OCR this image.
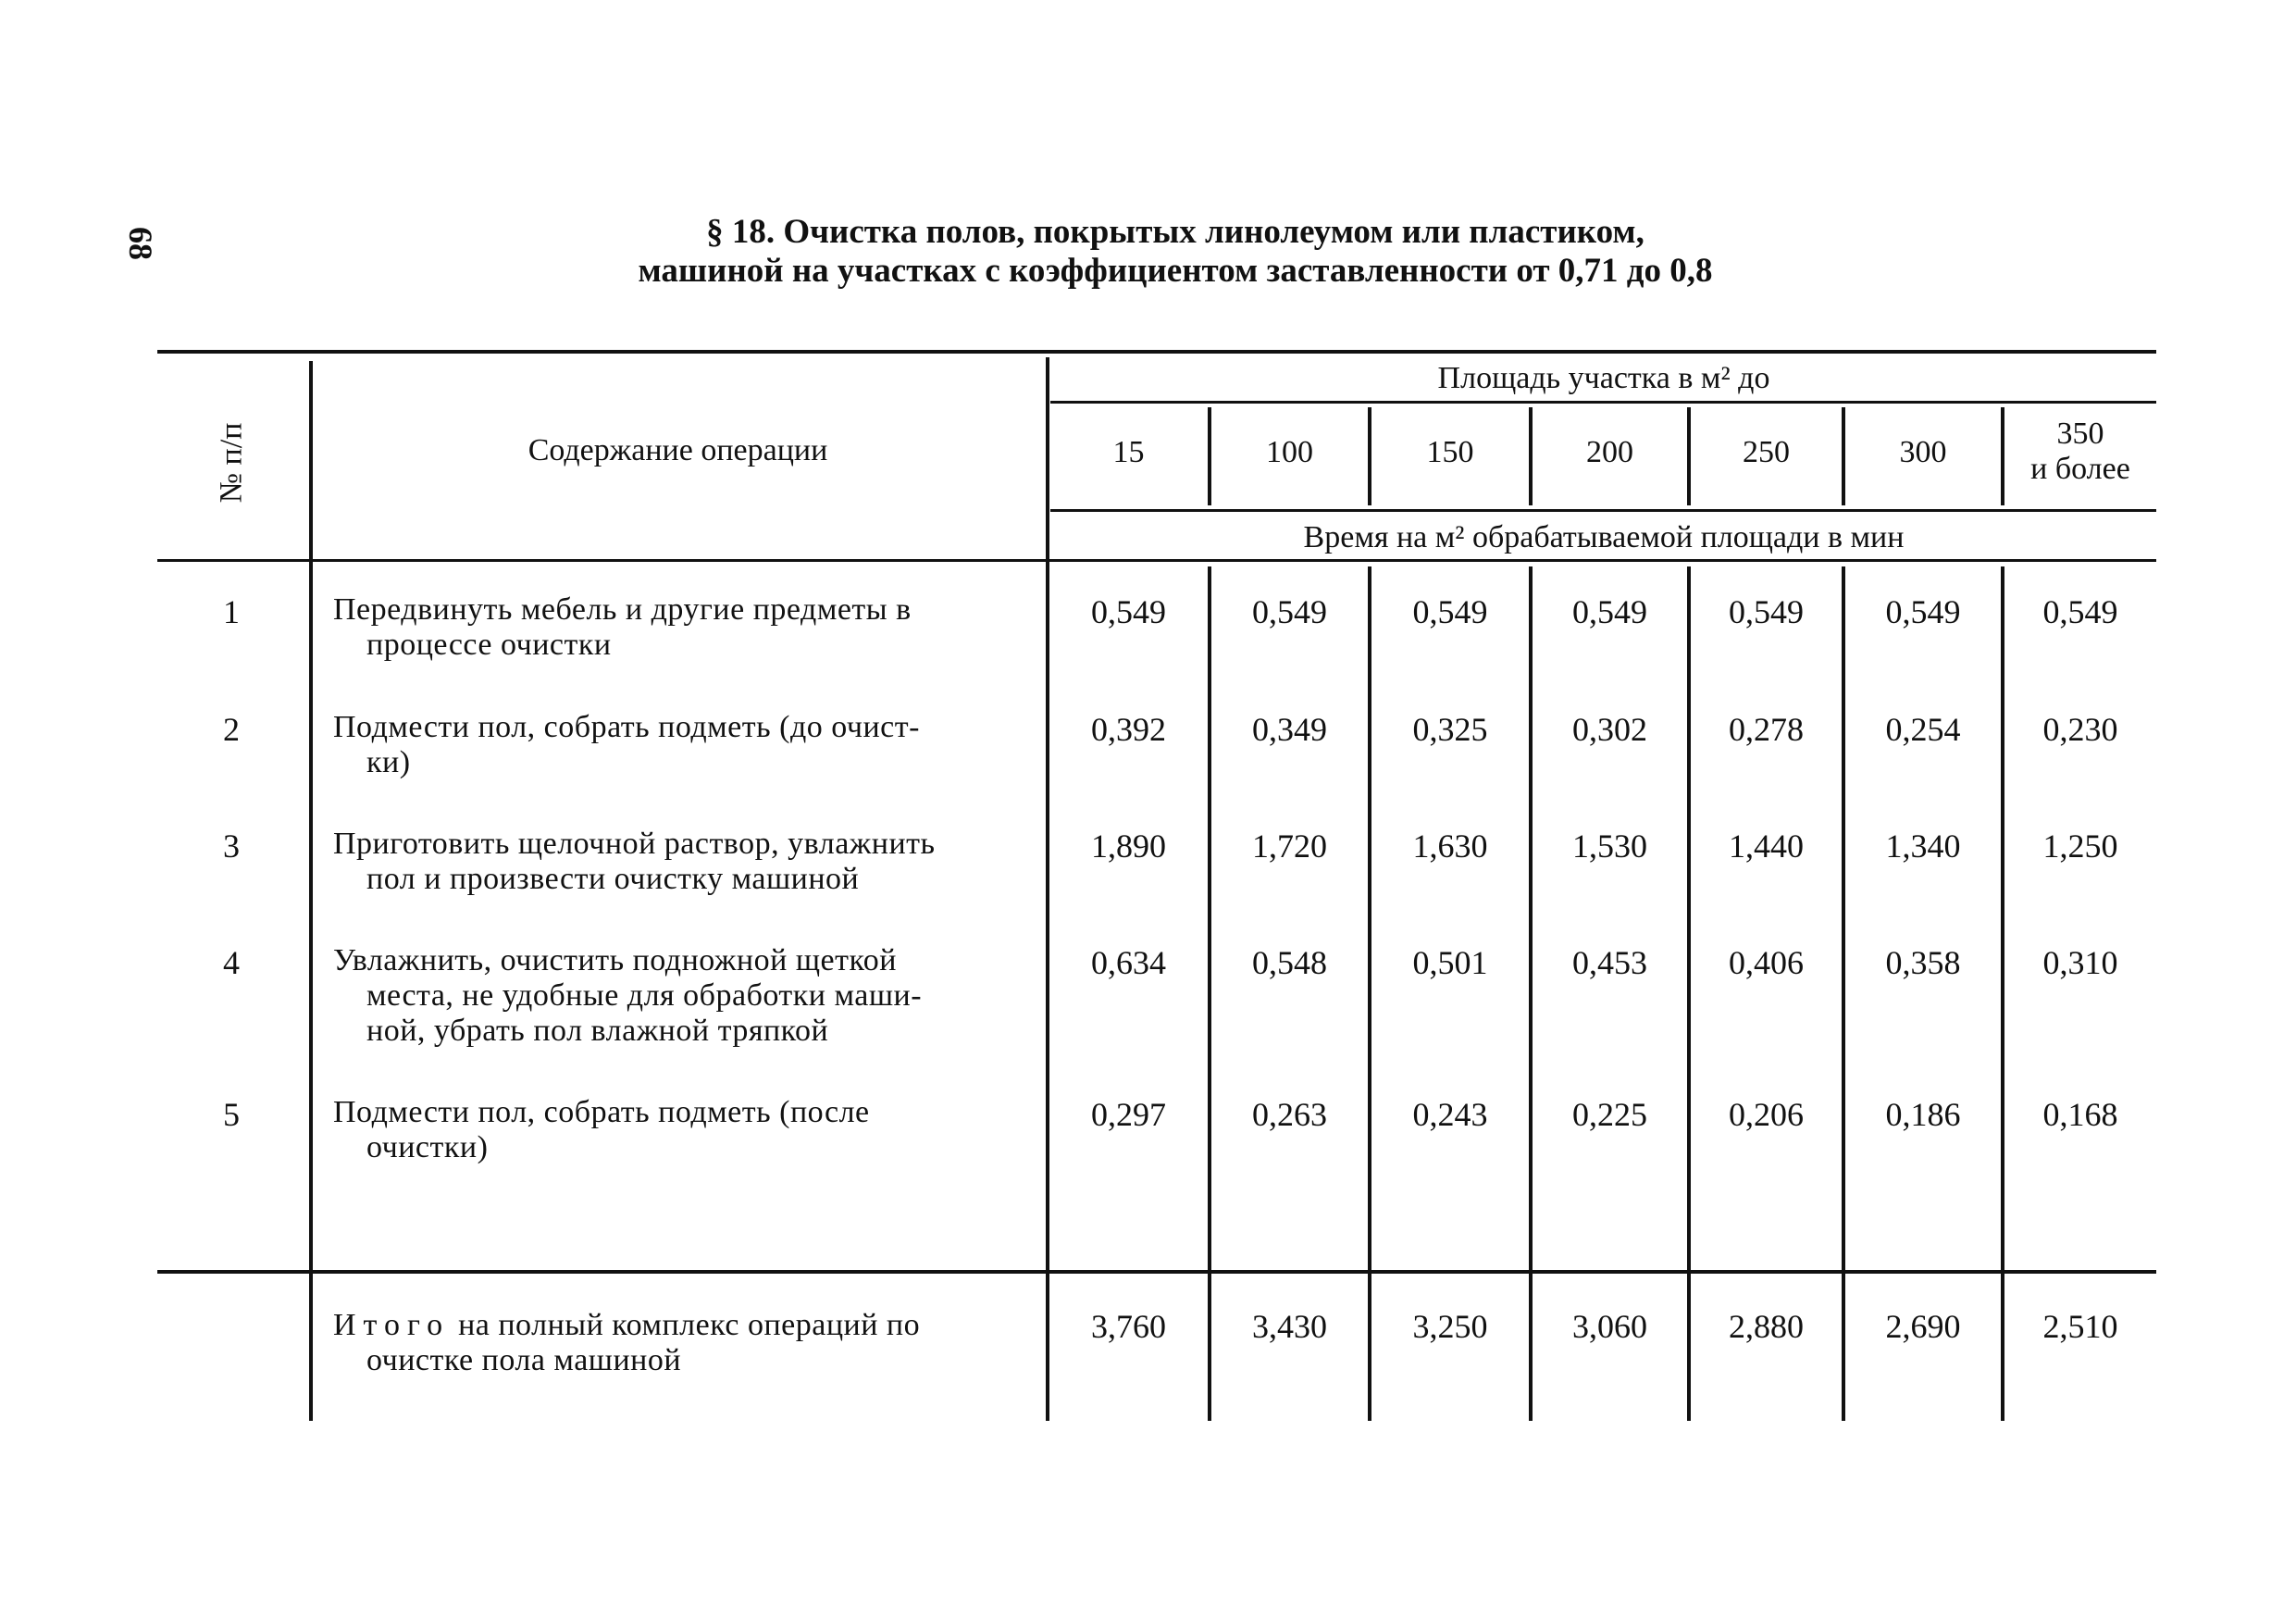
68	§ 18. Очистка полов, покрытых линолеумом или пластиком,
машиной на участках с коэффициентом заставленности от 0,71 до 0,8
№ п/п	Содержание операции
Площадь участка в м² до
Время на м² обрабатываемой площади в мин
15	100	150	200	250	300
350
и более
1	Передвинуть мебель и другие предметы в
процессе очистки
0,549	0,549	0,549	0,549	0,549	0,549	0,549
2	Подмести пол, собрать подметь (до очист-
ки)
0,392	0,349	0,325	0,302	0,278	0,254	0,230
3	Приготовить щелочной раствор, увлажнить
пол и произвести очистку машиной
1,890	1,720	1,630	1,530	1,440	1,340	1,250
4	Увлажнить, очистить подножной щеткой
места, не удобные для обработки маши-
ной, убрать пол влажной тряпкой
0,634	0,548	0,501	0,453	0,406	0,358	0,310
5	Подмести пол, собрать подметь (после
очистки)
0,297	0,263	0,243	0,225	0,206	0,186	0,168
Итого на полный комплекс операций по
очистке пола машиной
3,760	3,430	3,250	3,060	2,880	2,690	2,510
